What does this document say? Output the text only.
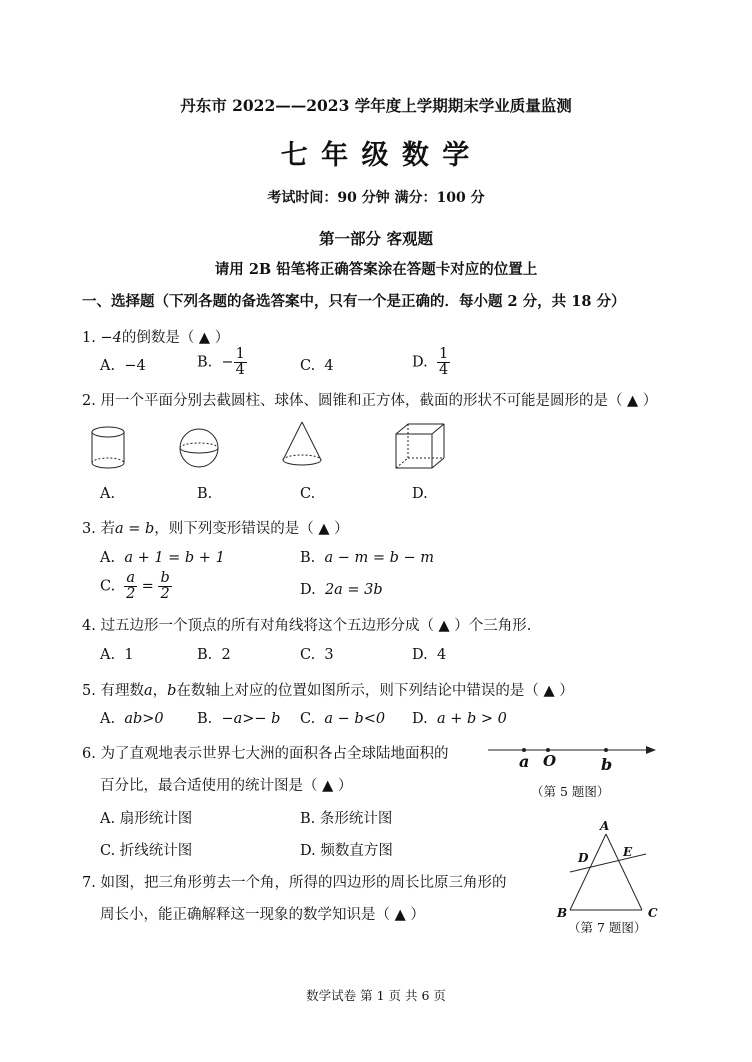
丹东市 2022——2023 学年度上学期期末学业质量监测
七 年 级 数 学
考试时间：90 分钟 满分：100 分
第一部分 客观题
请用 2B 铅笔将正确答案涂在答题卡对应的位置上
一、选择题（下列各题的备选答案中，只有一个是正确的．每小题 2 分，共 18 分）
1. −4的倒数是（ ▲ ）
A. −4	B. − $\frac{1}{4}$	C. 4	D. $\frac{1}{4}$
2. 用一个平面分别去截圆柱、球体、圆锥和正方体，截面的形状不可能是圆形的是（ ▲ ）
A.	B.	C.	D.
3. 若a = b，则下列变形错误的是（ ▲ ）
A. a + 1 = b + 1	B. a − m = b − m
C. $\frac{a}{2} = \frac{b}{2}$	D. 2a = 3b
4. 过五边形一个顶点的所有对角线将这个五边形分成（ ▲ ）个三角形.
A. 1	B. 2	C. 3	D. 4
5. 有理数a，b在数轴上对应的位置如图所示，则下列结论中错误的是（ ▲ ）
A. ab>0 B. −a>− b C. a − b<0 D. a + b > 0
a O	b
（第 5 题图）
6. 为了直观地表示世界七大洲的面积各占全球陆地面积的
百分比，最合适使用的统计图是（ ▲ ）
A. 扇形统计图	B. 条形统计图
C. 折线统计图	D. 频数直方图
A
D	E
B	C
（第 7 题图）
7. 如图，把三角形剪去一个角，所得的四边形的周长比原三角形的
周长小，能正确解释这一现象的数学知识是（ ▲ ）
数学试卷 第 1 页 共 6 页
